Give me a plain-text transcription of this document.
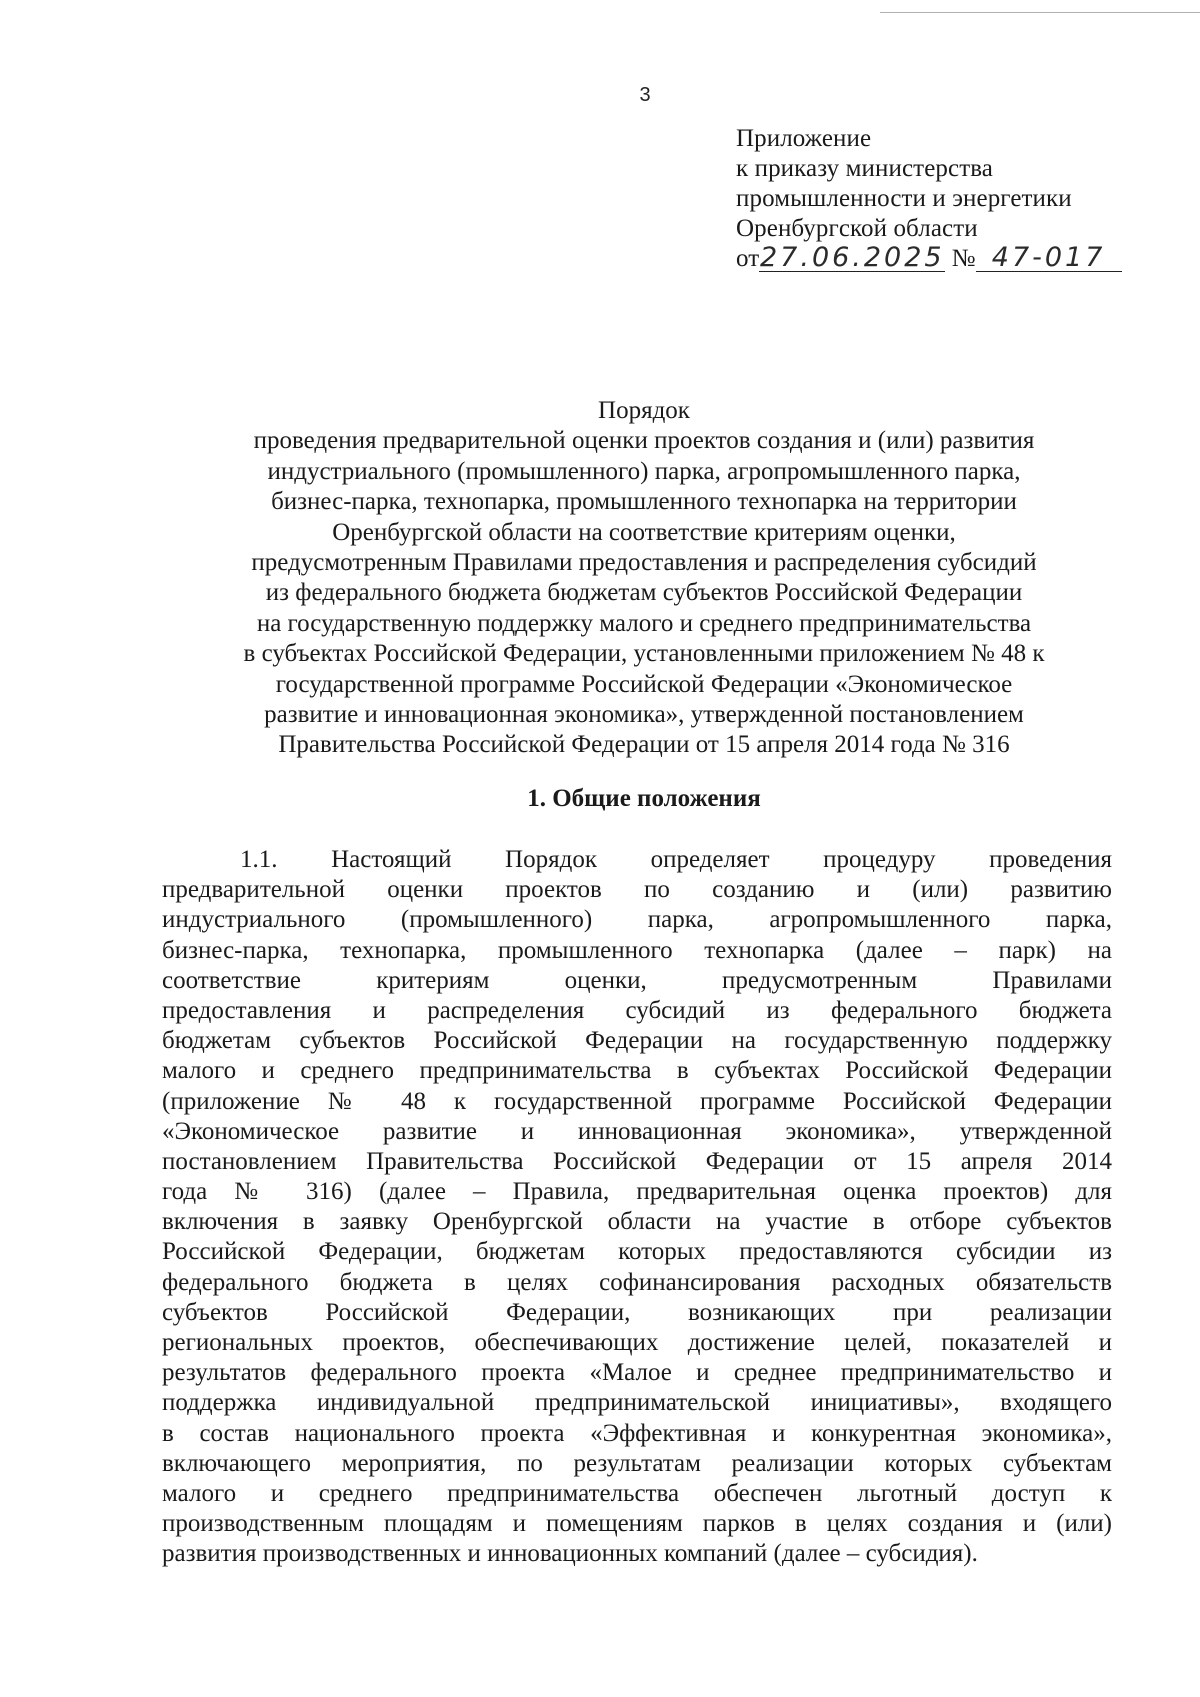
3
Приложение
к приказу министерства
промышленности и энергетики
Оренбургской области
от27.06.2025 № 47-017
Порядок
проведения предварительной оценки проектов создания и (или) развития
индустриального (промышленного) парка, агропромышленного парка,
бизнес-парка, технопарка, промышленного технопарка на территории
Оренбургской области на соответствие критериям оценки,
предусмотренным Правилами предоставления и распределения субсидий
из федерального бюджета бюджетам субъектов Российской Федерации
на государственную поддержку малого и среднего предпринимательства
в субъектах Российской Федерации, установленными приложением № 48 к
государственной программе Российской Федерации «Экономическое
развитие и инновационная экономика», утвержденной постановлением
Правительства Российской Федерации от 15 апреля 2014 года № 316
1. Общие положения
1.1. Настоящий Порядок определяет процедуру проведения
предварительной оценки проектов по созданию и (или) развитию
индустриального (промышленного) парка, агропромышленного парка,
бизнес-парка, технопарка, промышленного технопарка (далее – парк) на
соответствие критериям оценки, предусмотренным Правилами
предоставления и распределения субсидий из федерального бюджета
бюджетам субъектов Российской Федерации на государственную поддержку
малого и среднего предпринимательства в субъектах Российской Федерации
(приложение № 48 к государственной программе Российской Федерации
«Экономическое развитие и инновационная экономика», утвержденной
постановлением Правительства Российской Федерации от 15 апреля 2014
года № 316) (далее – Правила, предварительная оценка проектов) для
включения в заявку Оренбургской области на участие в отборе субъектов
Российской Федерации, бюджетам которых предоставляются субсидии из
федерального бюджета в целях софинансирования расходных обязательств
субъектов Российской Федерации, возникающих при реализации
региональных проектов, обеспечивающих достижение целей, показателей и
результатов федерального проекта «Малое и среднее предпринимательство и
поддержка индивидуальной предпринимательской инициативы», входящего
в состав национального проекта «Эффективная и конкурентная экономика»,
включающего мероприятия, по результатам реализации которых субъектам
малого и среднего предпринимательства обеспечен льготный доступ к
производственным площадям и помещениям парков в целях создания и (или)
развития производственных и инновационных компаний (далее – субсидия).
